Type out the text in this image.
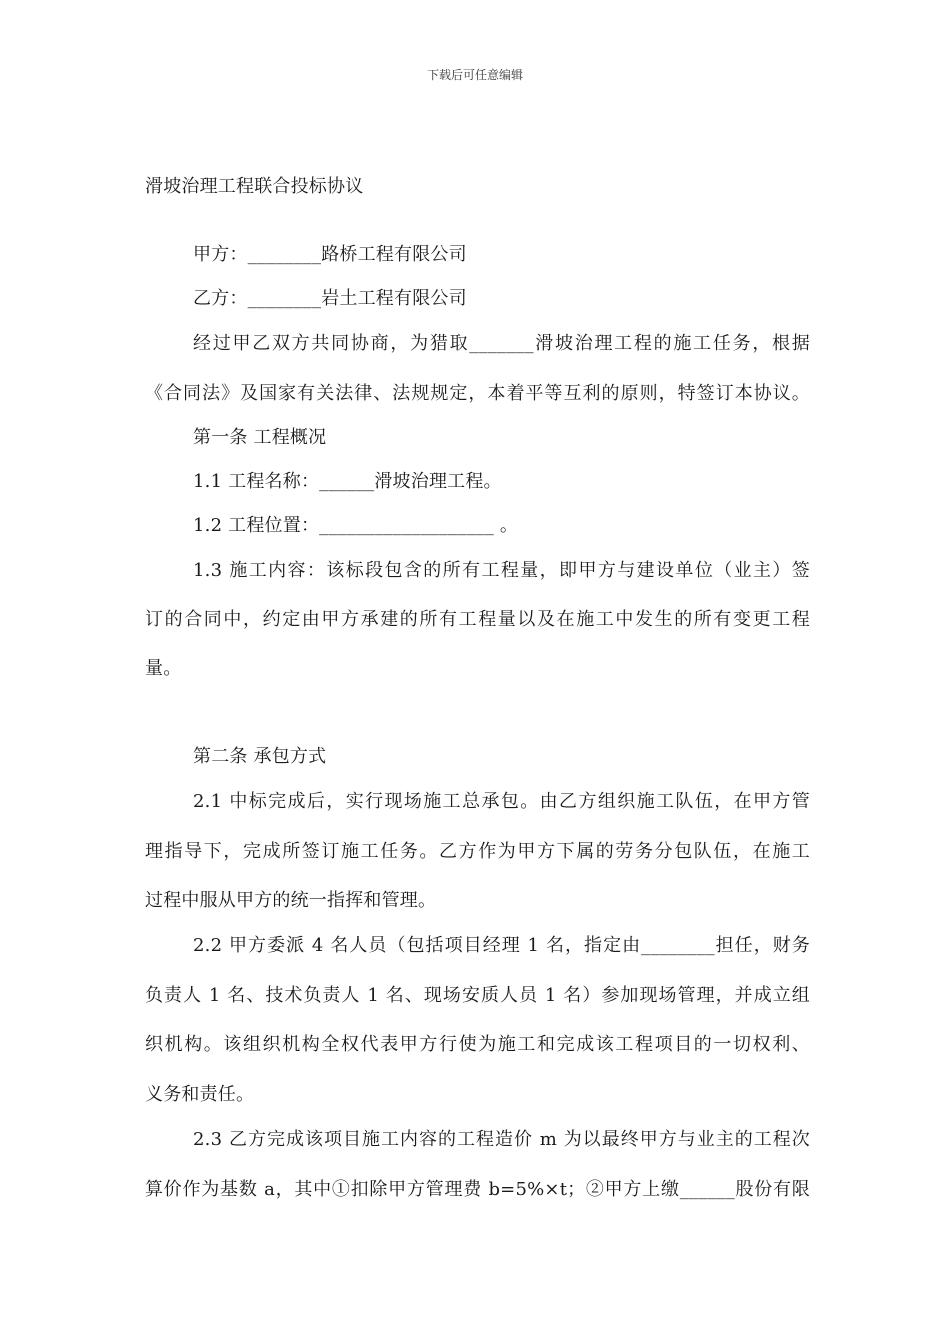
下载后可任意编辑
滑坡治理工程联合投标协议
甲方：________路桥工程有限公司
乙方：________岩土工程有限公司
经过甲乙双方共同协商，为猎取_______滑坡治理工程的施工任务，根据
《合同法》及国家有关法律、法规规定，本着平等互利的原则，特签订本协议。
第一条 工程概况
1.1 工程名称：______滑坡治理工程。
1.2 工程位置：___________________ 。
1.3 施工内容：该标段包含的所有工程量，即甲方与建设单位（业主）签
订的合同中，约定由甲方承建的所有工程量以及在施工中发生的所有变更工程
量。
第二条 承包方式
2.1 中标完成后，实行现场施工总承包。由乙方组织施工队伍，在甲方管
理指导下，完成所签订施工任务。乙方作为甲方下属的劳务分包队伍，在施工
过程中服从甲方的统一指挥和管理。
2.2 甲方委派 4 名人员（包括项目经理 1 名，指定由________担任，财务
负责人 1 名、技术负责人 1 名、现场安质人员 1 名）参加现场管理，并成立组
织机构。该组织机构全权代表甲方行使为施工和完成该工程项目的一切权利、
义务和责任。
2.3 乙方完成该项目施工内容的工程造价 m 为以最终甲方与业主的工程次
算价作为基数 a，其中①扣除甲方管理费 b=5%×t；②甲方上缴______股份有限
